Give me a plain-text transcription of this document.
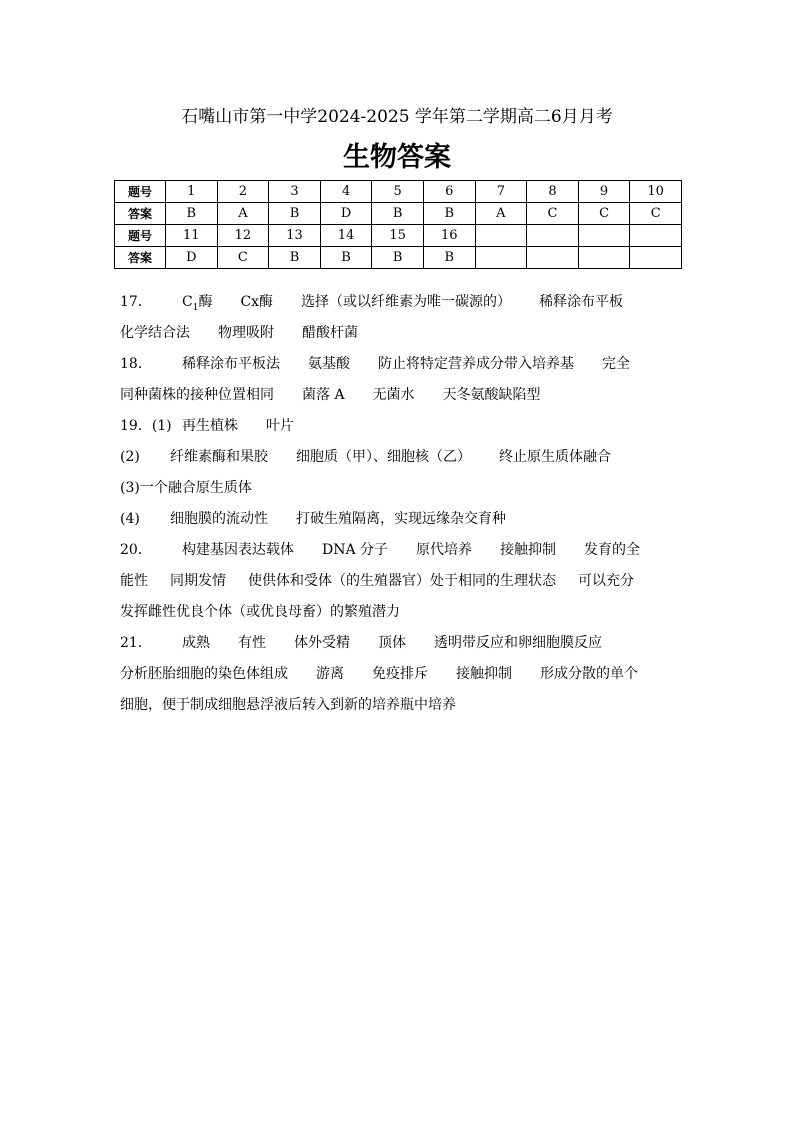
石嘴山市第一中学2024-2025 学年第二学期高二6月月考
生物答案
题号	1	2	3	4	5	6	7	8	9	10
答案	B	A	B	D	B	B	A	C	C	C
题号	11	12	13	14	15	16				
答案	D	C	B	B	B	B				
17． $C_1$酶 Cx酶 选择（或以纤维素为唯一碳源的） 稀释涂布平板
化学结合法 物理吸附 醋酸杆菌
18． 稀释涂布平板法 氨基酸 防止将特定营养成分带入培养基 完全
同种菌株的接种位置相同 菌落 A 无菌水 天冬氨酸缺陷型
19．(1) 再生植株 叶片
(2) 纤维素酶和果胶 细胞质（甲）、细胞核（乙） 终止原生质体融合
(3)一个融合原生质体
(4) 细胞膜的流动性 打破生殖隔离，实现远缘杂交育种
20． 构建基因表达载体 DNA 分子 原代培养 接触抑制 发育的全
能性 同期发情 使供体和受体（的生殖器官）处于相同的生理状态 可以充分
发挥雌性优良个体（或优良母畜）的繁殖潜力
21． 成熟 有性 体外受精 顶体 透明带反应和卵细胞膜反应
分析胚胎细胞的染色体组成 游离 免疫排斥 接触抑制 形成分散的单个
细胞，便于制成细胞悬浮液后转入到新的培养瓶中培养
